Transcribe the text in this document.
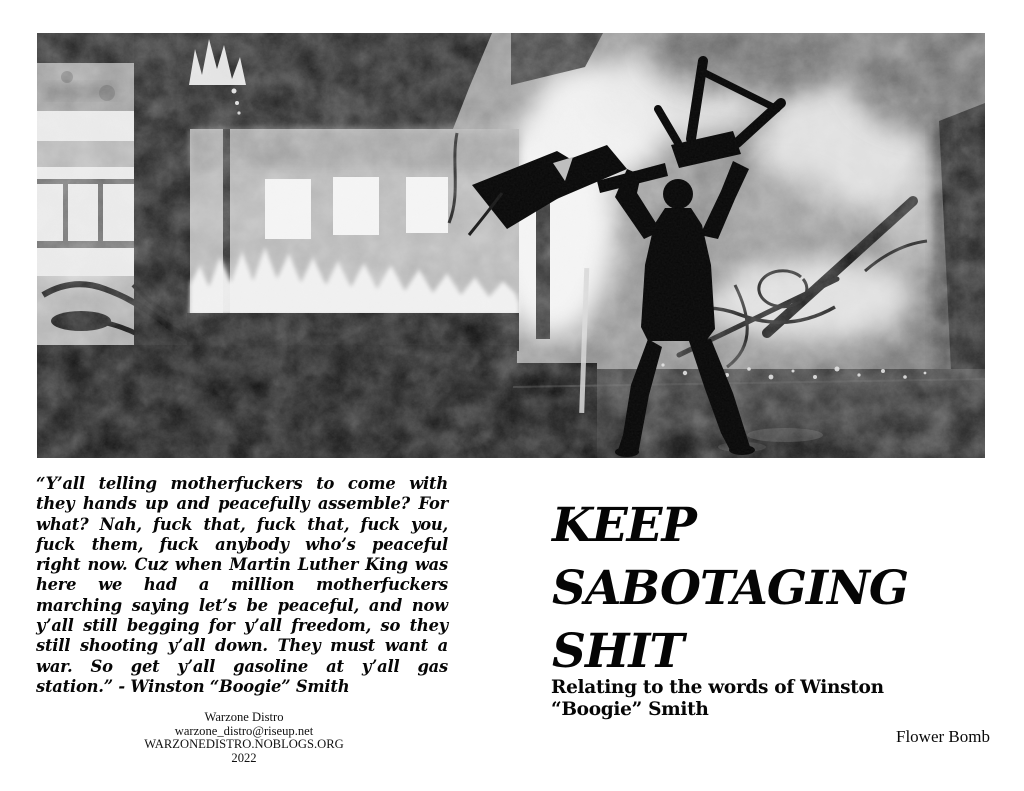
“Y’all telling motherfuckers to come with
they hands up and peacefully assemble? For
what? Nah, fuck that, fuck that, fuck you,
fuck them, fuck anybody who’s peaceful
right now. Cuz when Martin Luther King was
here we had a million motherfuckers
marching saying let’s be peaceful, and now
y’all still begging for y’all freedom, so they
still shooting y’all down. They must want a
war. So get y’all gasoline at y’all gas
station.” - Winston “Boogie” Smith
KEEP
SABOTAGING
SHIT
Relating to the words of Winston “Boogie” Smith
Warzone Distro
warzone_distro@riseup.net
WARZONEDISTRO.NOBLOGS.ORG
2022
Flower Bomb
